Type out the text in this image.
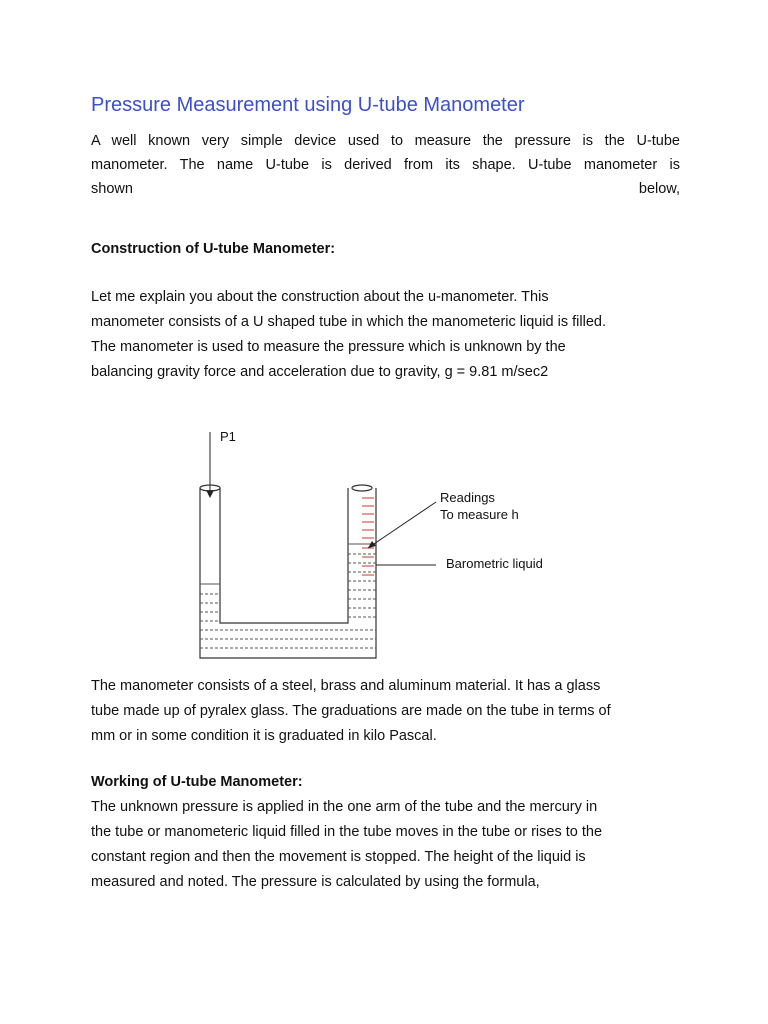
Pressure Measurement using U-tube Manometer

A well known very simple device used to measure the pressure is the U-tube
manometer. The name U-tube is derived from its shape. U-tube manometer is
shown below,

Construction of U-tube Manometer:

Let me explain you about the construction about the u-manometer. This
manometer consists of a U shaped tube in which the manometeric liquid is filled.
The manometer is used to measure the pressure which is unknown by the
balancing gravity force and acceleration due to gravity, g = 9.81 m/sec2

P1
Readings
To measure h
Barometric liquid

The manometer consists of a steel, brass and aluminum material. It has a glass
tube made up of pyralex glass. The graduations are made on the tube in terms of
mm or in some condition it is graduated in kilo Pascal.

Working of U-tube Manometer:

The unknown pressure is applied in the one arm of the tube and the mercury in
the tube or manometeric liquid filled in the tube moves in the tube or rises to the
constant region and then the movement is stopped. The height of the liquid is
measured and noted. The pressure is calculated by using the formula,
